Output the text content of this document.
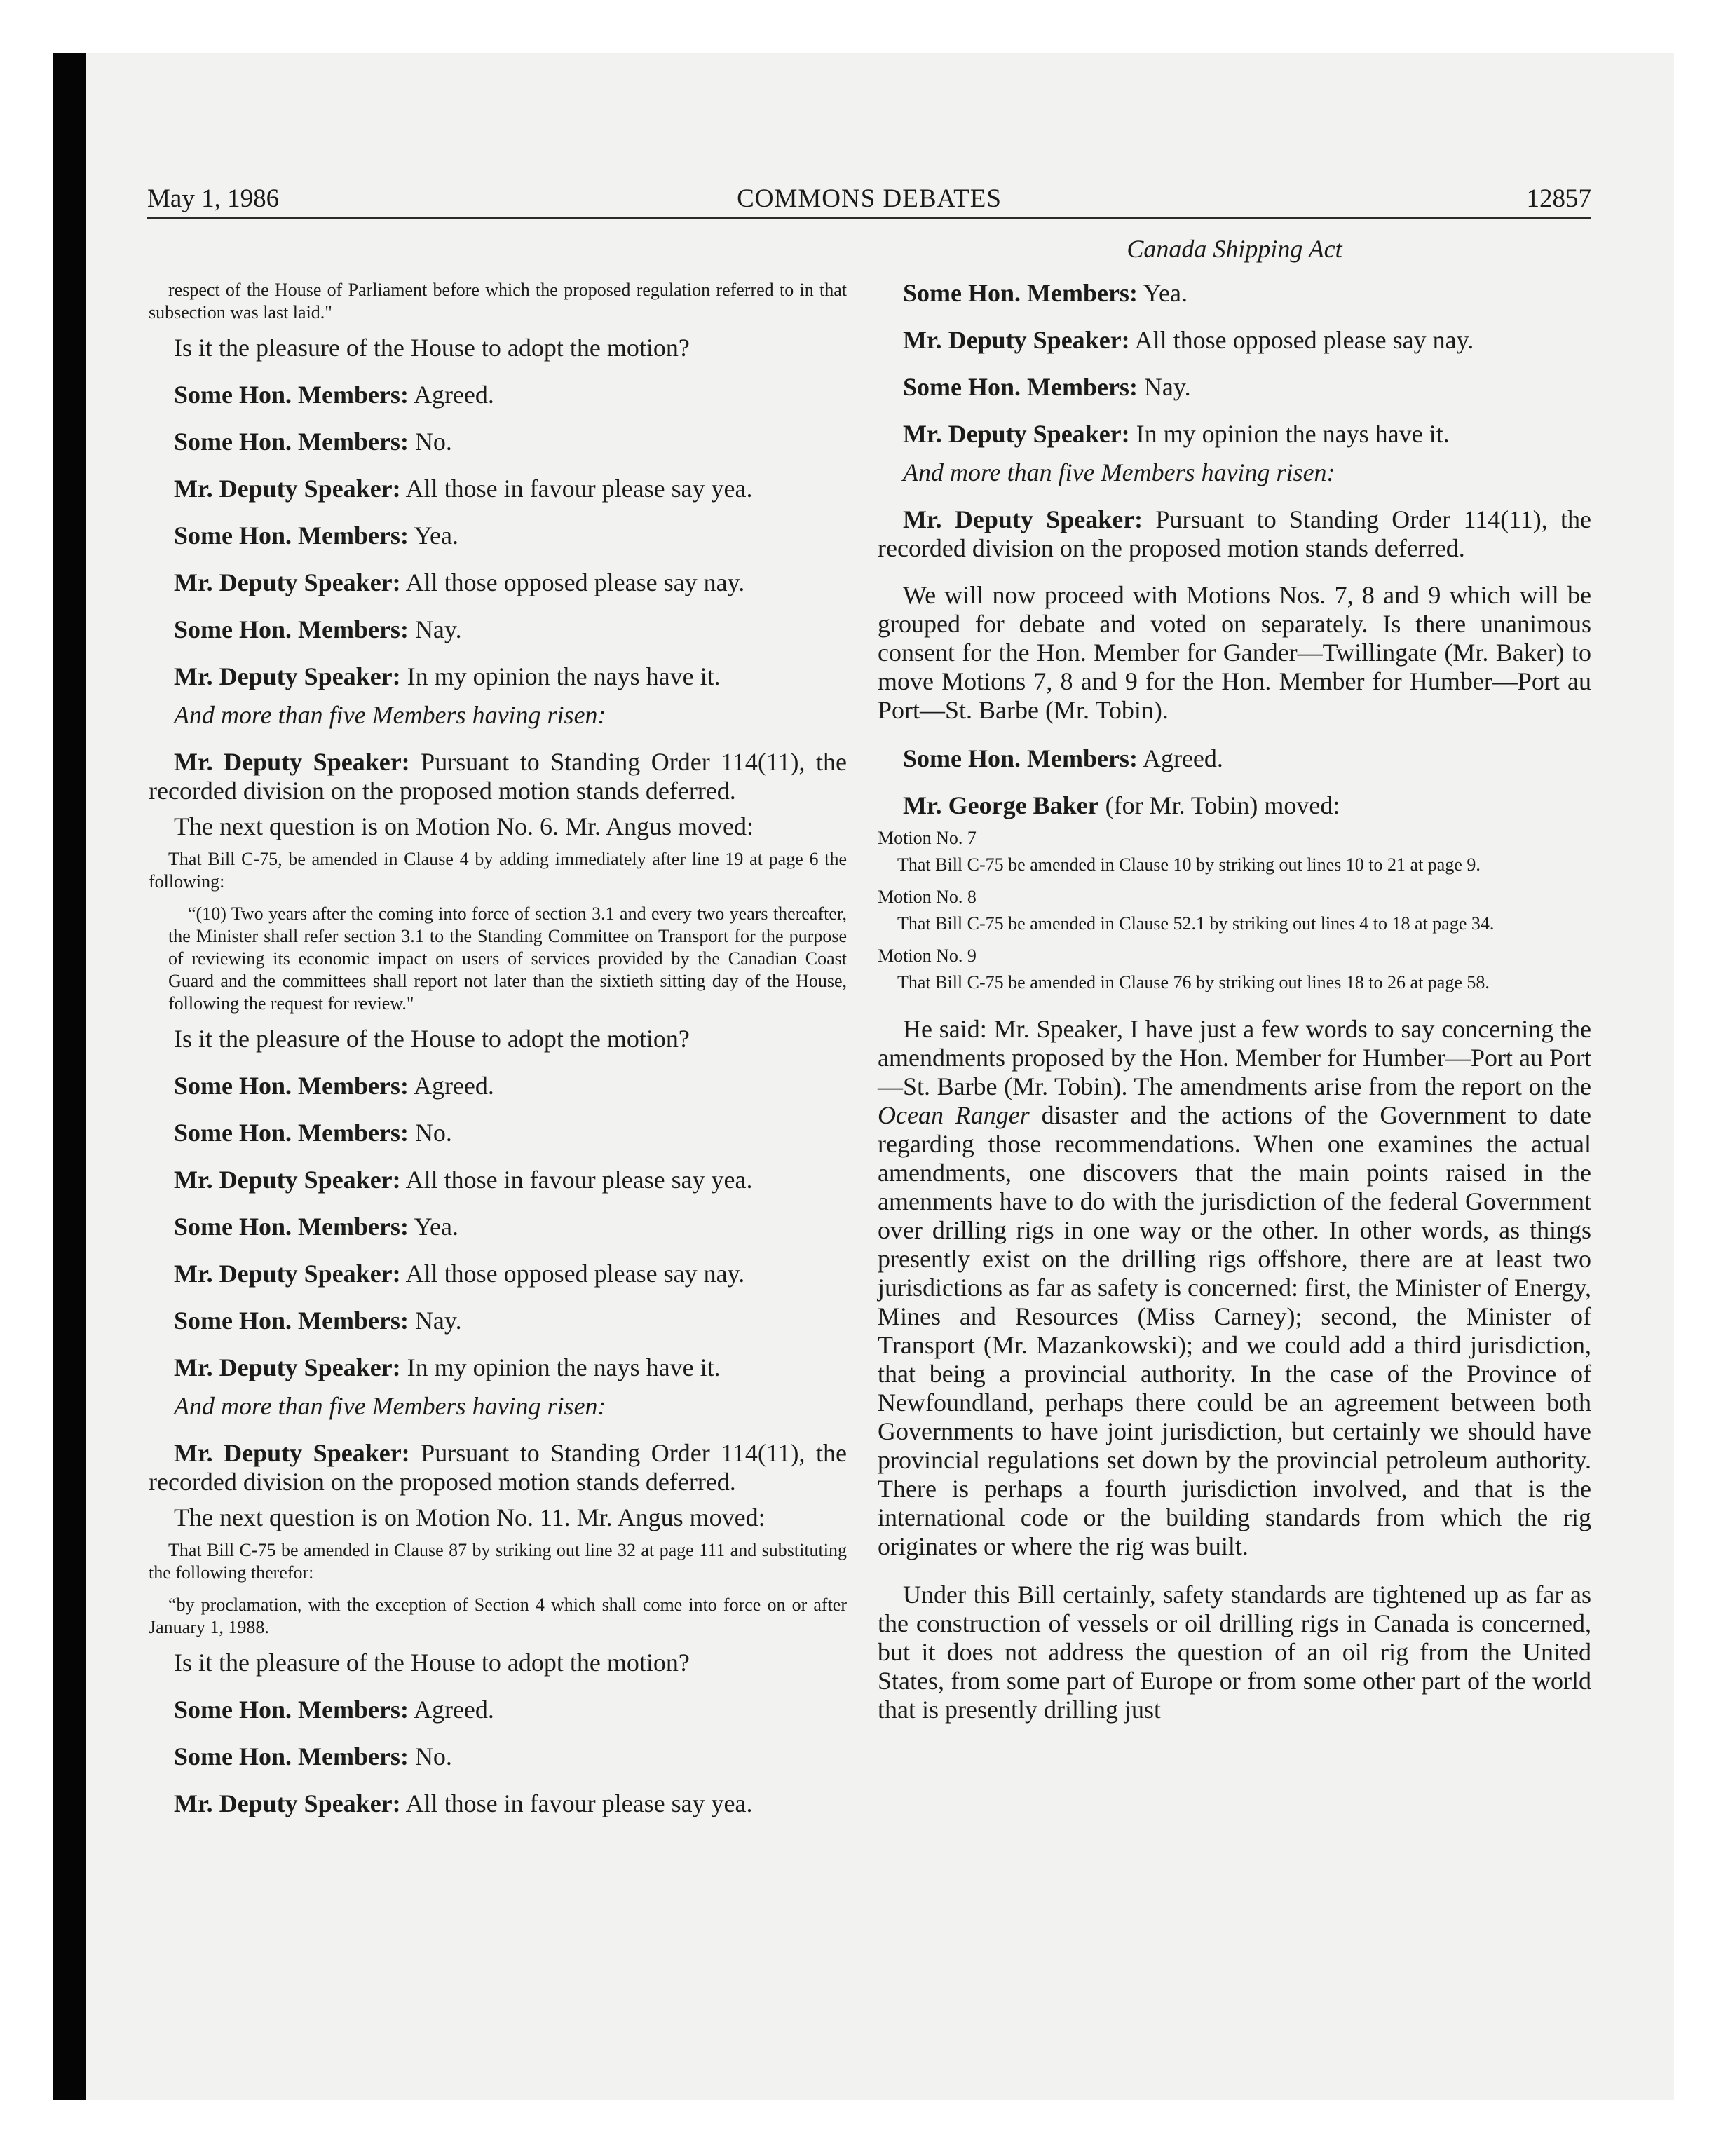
May 1, 1986	COMMONS DEBATES	12857

respect of the House of Parliament before which the proposed regulation referred to in that subsection was last laid."

Is it the pleasure of the House to adopt the motion?

Some Hon. Members: Agreed.

Some Hon. Members: No.

Mr. Deputy Speaker: All those in favour please say yea.

Some Hon. Members: Yea.

Mr. Deputy Speaker: All those opposed please say nay.

Some Hon. Members: Nay.

Mr. Deputy Speaker: In my opinion the nays have it.

And more than five Members having risen:

Mr. Deputy Speaker: Pursuant to Standing Order 114(11), the recorded division on the proposed motion stands deferred.

The next question is on Motion No. 6. Mr. Angus moved:

That Bill C-75, be amended in Clause 4 by adding immediately after line 19 at page 6 the following:

“(10) Two years after the coming into force of section 3.1 and every two years thereafter, the Minister shall refer section 3.1 to the Standing Committee on Transport for the purpose of reviewing its economic impact on users of services provided by the Canadian Coast Guard and the committees shall report not later than the sixtieth sitting day of the House, following the request for review."

Is it the pleasure of the House to adopt the motion?

Some Hon. Members: Agreed.

Some Hon. Members: No.

Mr. Deputy Speaker: All those in favour please say yea.

Some Hon. Members: Yea.

Mr. Deputy Speaker: All those opposed please say nay.

Some Hon. Members: Nay.

Mr. Deputy Speaker: In my opinion the nays have it.

And more than five Members having risen:

Mr. Deputy Speaker: Pursuant to Standing Order 114(11), the recorded division on the proposed motion stands deferred.

The next question is on Motion No. 11. Mr. Angus moved:

That Bill C-75 be amended in Clause 87 by striking out line 32 at page 111 and substituting the following therefor:

“by proclamation, with the exception of Section 4 which shall come into force on or after January 1, 1988.

Is it the pleasure of the House to adopt the motion?

Some Hon. Members: Agreed.

Some Hon. Members: No.

Mr. Deputy Speaker: All those in favour please say yea.

Canada Shipping Act

Some Hon. Members: Yea.

Mr. Deputy Speaker: All those opposed please say nay.

Some Hon. Members: Nay.

Mr. Deputy Speaker: In my opinion the nays have it.

And more than five Members having risen:

Mr. Deputy Speaker: Pursuant to Standing Order 114(11), the recorded division on the proposed motion stands deferred.

We will now proceed with Motions Nos. 7, 8 and 9 which will be grouped for debate and voted on separately. Is there unanimous consent for the Hon. Member for Gander—Twillingate (Mr. Baker) to move Motions 7, 8 and 9 for the Hon. Member for Humber—Port au Port—St. Barbe (Mr. Tobin).

Some Hon. Members: Agreed.

Mr. George Baker (for Mr. Tobin) moved:

Motion No. 7

That Bill C-75 be amended in Clause 10 by striking out lines 10 to 21 at page 9.

Motion No. 8

That Bill C-75 be amended in Clause 52.1 by striking out lines 4 to 18 at page 34.

Motion No. 9

That Bill C-75 be amended in Clause 76 by striking out lines 18 to 26 at page 58.

He said: Mr. Speaker, I have just a few words to say concerning the amendments proposed by the Hon. Member for Humber—Port au Port—St. Barbe (Mr. Tobin). The amendments arise from the report on the Ocean Ranger disaster and the actions of the Government to date regarding those recommendations. When one examines the actual amendments, one discovers that the main points raised in the amenments have to do with the jurisdiction of the federal Government over drilling rigs in one way or the other. In other words, as things presently exist on the drilling rigs offshore, there are at least two jurisdictions as far as safety is concerned: first, the Minister of Energy, Mines and Resources (Miss Carney); second, the Minister of Transport (Mr. Mazankowski); and we could add a third jurisdiction, that being a provincial authority. In the case of the Province of Newfoundland, perhaps there could be an agreement between both Governments to have joint jurisdiction, but certainly we should have provincial regulations set down by the provincial petroleum authority. There is perhaps a fourth jurisdiction involved, and that is the international code or the building standards from which the rig originates or where the rig was built.

Under this Bill certainly, safety standards are tightened up as far as the construction of vessels or oil drilling rigs in Canada is concerned, but it does not address the question of an oil rig from the United States, from some part of Europe or from some other part of the world that is presently drilling just
